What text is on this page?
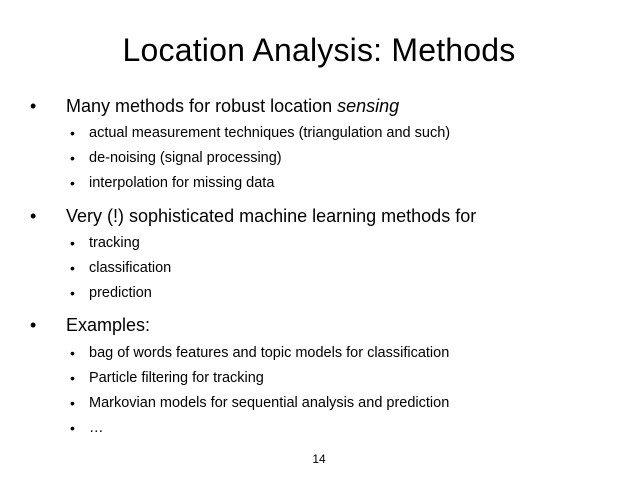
Location Analysis: Methods
• Many methods for robust location sensing
• actual measurement techniques (triangulation and such)
• de-noising (signal processing)
• interpolation for missing data
• Very (!) sophisticated machine learning methods for
• tracking
• classification
• prediction
• Examples:
• bag of words features and topic models for classification
• Particle filtering for tracking
• Markovian models for sequential analysis and prediction
• …
14
